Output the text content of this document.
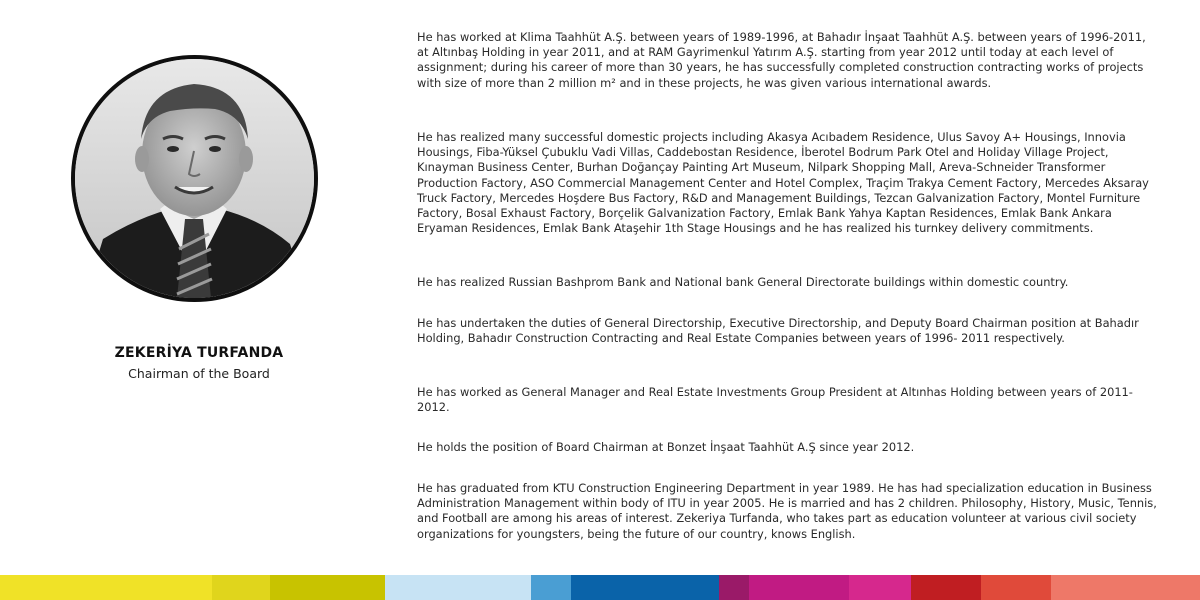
ZEKERİYA TURFANDA
Chairman of the Board

He has worked at Klima Taahhüt A.Ş. between years of 1989-1996, at Bahadır İnşaat Taahhüt A.Ş. between years of 1996-2011, at Altınbaş Holding in year 2011, and at RAM Gayrimenkul Yatırım A.Ş. starting from year 2012 until today at each level of assignment; during his career of more than 30 years, he has successfully completed construction contracting works of projects with size of more than 2 million m² and in these projects, he was given various international awards.

He has realized many successful domestic projects including Akasya Acıbadem Residence, Ulus Savoy A+ Housings, Innovia Housings, Fiba-Yüksel Çubuklu Vadi Villas, Caddebostan Residence, İberotel Bodrum Park Otel and Holiday Village Project, Kınayman Business Center, Burhan Doğançay Painting Art Museum, Nilpark Shopping Mall, Areva-Schneider Transformer Production Factory, ASO Commercial Management Center and Hotel Complex, Traçim Trakya Cement Factory, Mercedes Aksaray Truck Factory, Mercedes Hoşdere Bus Factory, R&D and Management Buildings, Tezcan Galvanization Factory, Montel Furniture Factory, Bosal Exhaust Factory, Borçelik Galvanization Factory, Emlak Bank Yahya Kaptan Residences, Emlak Bank Ankara Eryaman Residences, Emlak Bank Ataşehir 1th Stage Housings and he has realized his turnkey delivery commitments.

He has realized Russian Bashprom Bank and National bank General Directorate buildings within domestic country.

He has undertaken the duties of General Directorship, Executive Directorship, and Deputy Board Chairman position at Bahadır Holding, Bahadır Construction Contracting and Real Estate Companies between years of 1996- 2011 respectively.

He has worked as General Manager and Real Estate Investments Group President at Altınhas Holding between years of 2011- 2012.

He holds the position of Board Chairman at Bonzet İnşaat Taahhüt A.Ş since year 2012.

He has graduated from KTU Construction Engineering Department in year 1989. He has had specialization education in Business Administration Management within body of ITU in year 2005. He is married and has 2 children. Philosophy, History, Music, Tennis, and Football are among his areas of interest. Zekeriya Turfanda, who takes part as education volunteer at various civil society organizations for youngsters, being the future of our country, knows English.
